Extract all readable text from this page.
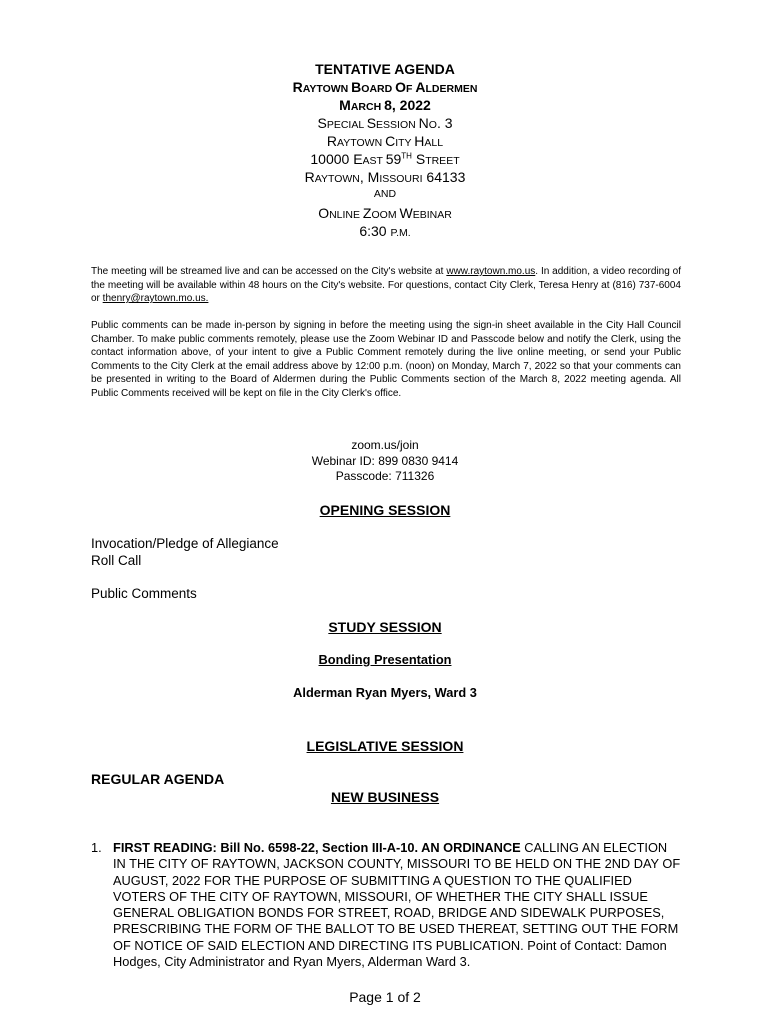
TENTATIVE AGENDA
RAYTOWN BOARD OF ALDERMEN
MARCH 8, 2022
SPECIAL SESSION NO. 3
RAYTOWN CITY HALL
10000 EAST 59TH STREET
RAYTOWN, MISSOURI 64133
AND
ONLINE ZOOM WEBINAR
6:30 P.M.
The meeting will be streamed live and can be accessed on the City's website at www.raytown.mo.us. In addition, a video recording of the meeting will be available within 48 hours on the City's website. For questions, contact City Clerk, Teresa Henry at (816) 737-6004 or thenry@raytown.mo.us.
Public comments can be made in-person by signing in before the meeting using the sign-in sheet available in the City Hall Council Chamber. To make public comments remotely, please use the Zoom Webinar ID and Passcode below and notify the Clerk, using the contact information above, of your intent to give a Public Comment remotely during the live online meeting, or send your Public Comments to the City Clerk at the email address above by 12:00 p.m. (noon) on Monday, March 7, 2022 so that your comments can be presented in writing to the Board of Aldermen during the Public Comments section of the March 8, 2022 meeting agenda. All Public Comments received will be kept on file in the City Clerk's office.
zoom.us/join
Webinar ID: 899 0830 9414
Passcode: 711326
OPENING SESSION
Invocation/Pledge of Allegiance
Roll Call
Public Comments
STUDY SESSION
Bonding Presentation
Alderman Ryan Myers, Ward 3
LEGISLATIVE SESSION
REGULAR AGENDA
NEW BUSINESS
1. FIRST READING: Bill No. 6598-22, Section III-A-10. AN ORDINANCE CALLING AN ELECTION IN THE CITY OF RAYTOWN, JACKSON COUNTY, MISSOURI TO BE HELD ON THE 2ND DAY OF AUGUST, 2022 FOR THE PURPOSE OF SUBMITTING A QUESTION TO THE QUALIFIED VOTERS OF THE CITY OF RAYTOWN, MISSOURI, OF WHETHER THE CITY SHALL ISSUE GENERAL OBLIGATION BONDS FOR STREET, ROAD, BRIDGE AND SIDEWALK PURPOSES, PRESCRIBING THE FORM OF THE BALLOT TO BE USED THEREAT, SETTING OUT THE FORM OF NOTICE OF SAID ELECTION AND DIRECTING ITS PUBLICATION. Point of Contact: Damon Hodges, City Administrator and Ryan Myers, Alderman Ward 3.
Page 1 of 2
